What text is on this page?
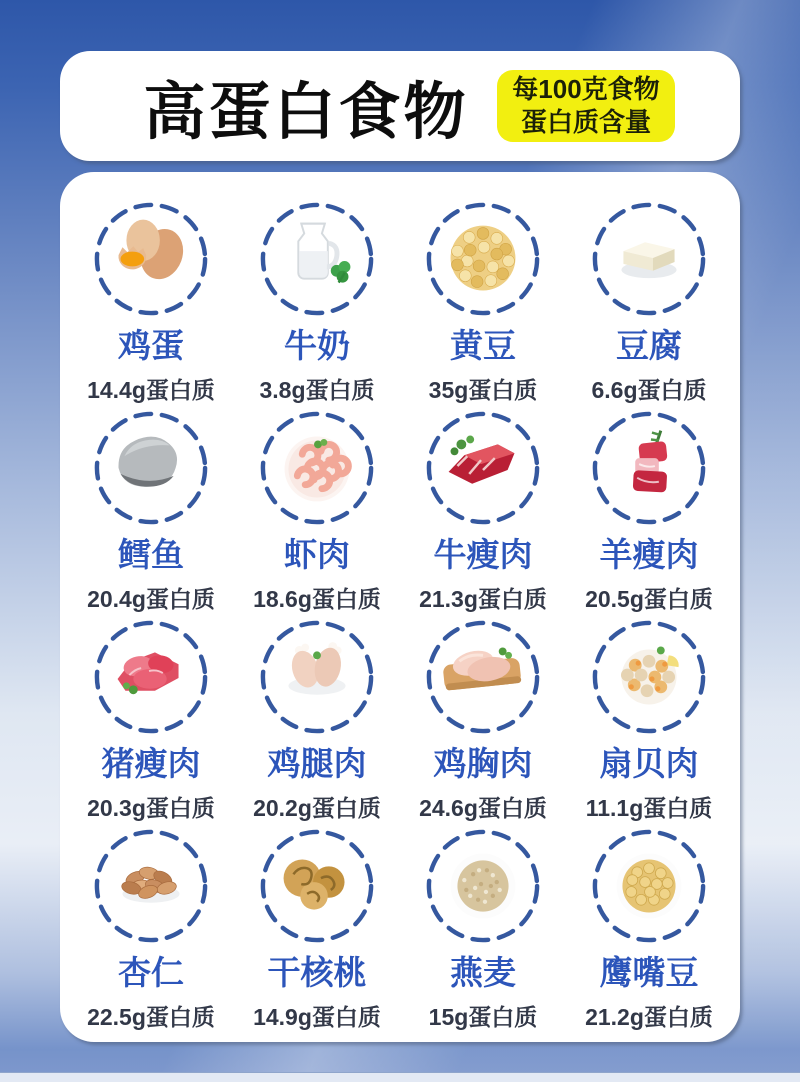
高蛋白食物	每100克食物
蛋白质含量
鸡蛋
14.4g蛋白质
牛奶
3.8g蛋白质
黄豆
35g蛋白质
豆腐
6.6g蛋白质
鳕鱼
20.4g蛋白质
虾肉
18.6g蛋白质
牛瘦肉
21.3g蛋白质
羊瘦肉
20.5g蛋白质
猪瘦肉
20.3g蛋白质
鸡腿肉
20.2g蛋白质
鸡胸肉
24.6g蛋白质
扇贝肉
11.1g蛋白质
杏仁
22.5g蛋白质
干核桃
14.9g蛋白质
燕麦
15g蛋白质
鹰嘴豆
21.2g蛋白质
